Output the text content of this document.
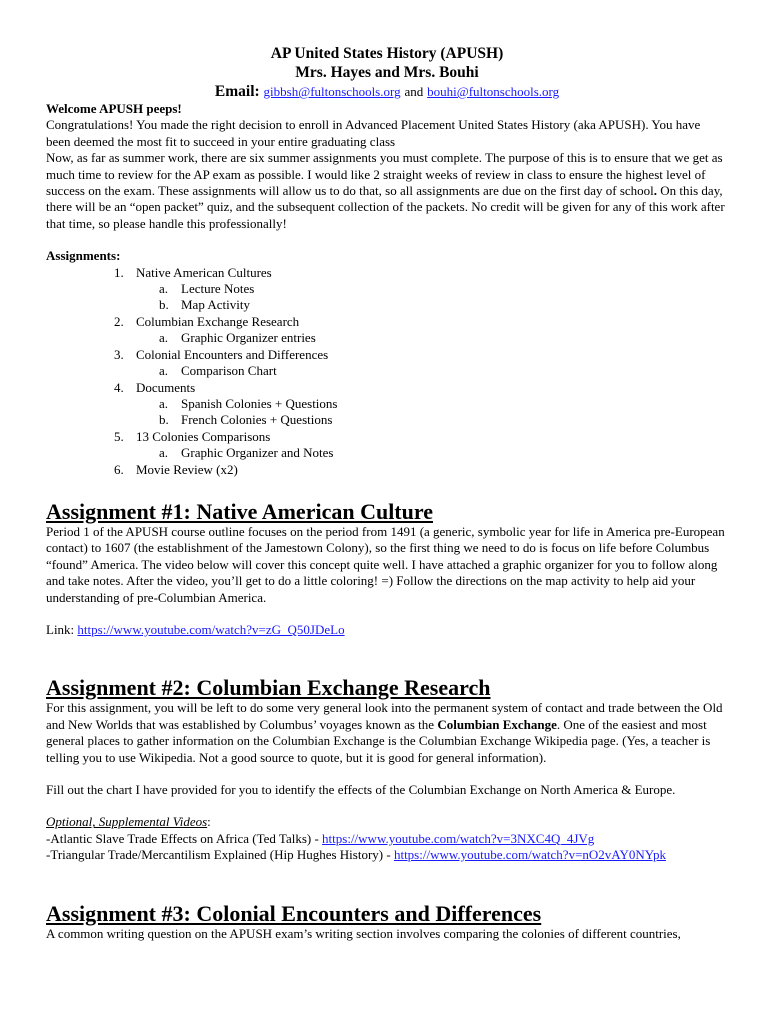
AP United States History (APUSH)
Mrs. Hayes and Mrs. Bouhi
Email: gibbsh@fultonschools.org and bouhi@fultonschools.org

Welcome APUSH peeps!

Congratulations! You made the right decision to enroll in Advanced Placement United States History (aka APUSH). You have been deemed the most fit to succeed in your entire graduating class

Now, as far as summer work, there are six summer assignments you must complete. The purpose of this is to ensure that we get as much time to review for the AP exam as possible. I would like 2 straight weeks of review in class to ensure the highest level of success on the exam. These assignments will allow us to do that, so all assignments are due on the first day of school. On this day, there will be an “open packet” quiz, and the subsequent collection of the packets. No credit will be given for any of this work after that time, so please handle this professionally!

Assignments:

1. Native American Cultures
a. Lecture Notes
b. Map Activity
2. Columbian Exchange Research
a. Graphic Organizer entries
3. Colonial Encounters and Differences
a. Comparison Chart
4. Documents
a. Spanish Colonies + Questions
b. French Colonies + Questions
5. 13 Colonies Comparisons
a. Graphic Organizer and Notes
6. Movie Review (x2)
Assignment #1: Native American Culture

Period 1 of the APUSH course outline focuses on the period from 1491 (a generic, symbolic year for life in America pre-European contact) to 1607 (the establishment of the Jamestown Colony), so the first thing we need to do is focus on life before Columbus “found” America. The video below will cover this concept quite well. I have attached a graphic organizer for you to follow along and take notes. After the video, you’ll get to do a little coloring! =) Follow the directions on the map activity to help aid your understanding of pre-Columbian America.

Link: https://www.youtube.com/watch?v=zG_Q50JDeLo

Assignment #2: Columbian Exchange Research

For this assignment, you will be left to do some very general look into the permanent system of contact and trade between the Old and New Worlds that was established by Columbus’ voyages known as the Columbian Exchange. One of the easiest and most general places to gather information on the Columbian Exchange is the Columbian Exchange Wikipedia page. (Yes, a teacher is telling you to use Wikipedia. Not a good source to quote, but it is good for general information).

Fill out the chart I have provided for you to identify the effects of the Columbian Exchange on North America & Europe.

Optional, Supplemental Videos:

-Atlantic Slave Trade Effects on Africa (Ted Talks) - https://www.youtube.com/watch?v=3NXC4Q_4JVg

-Triangular Trade/Mercantilism Explained (Hip Hughes History) - https://www.youtube.com/watch?v=nO2vAY0NYpk

Assignment #3: Colonial Encounters and Differences

A common writing question on the APUSH exam’s writing section involves comparing the colonies of different countries,
